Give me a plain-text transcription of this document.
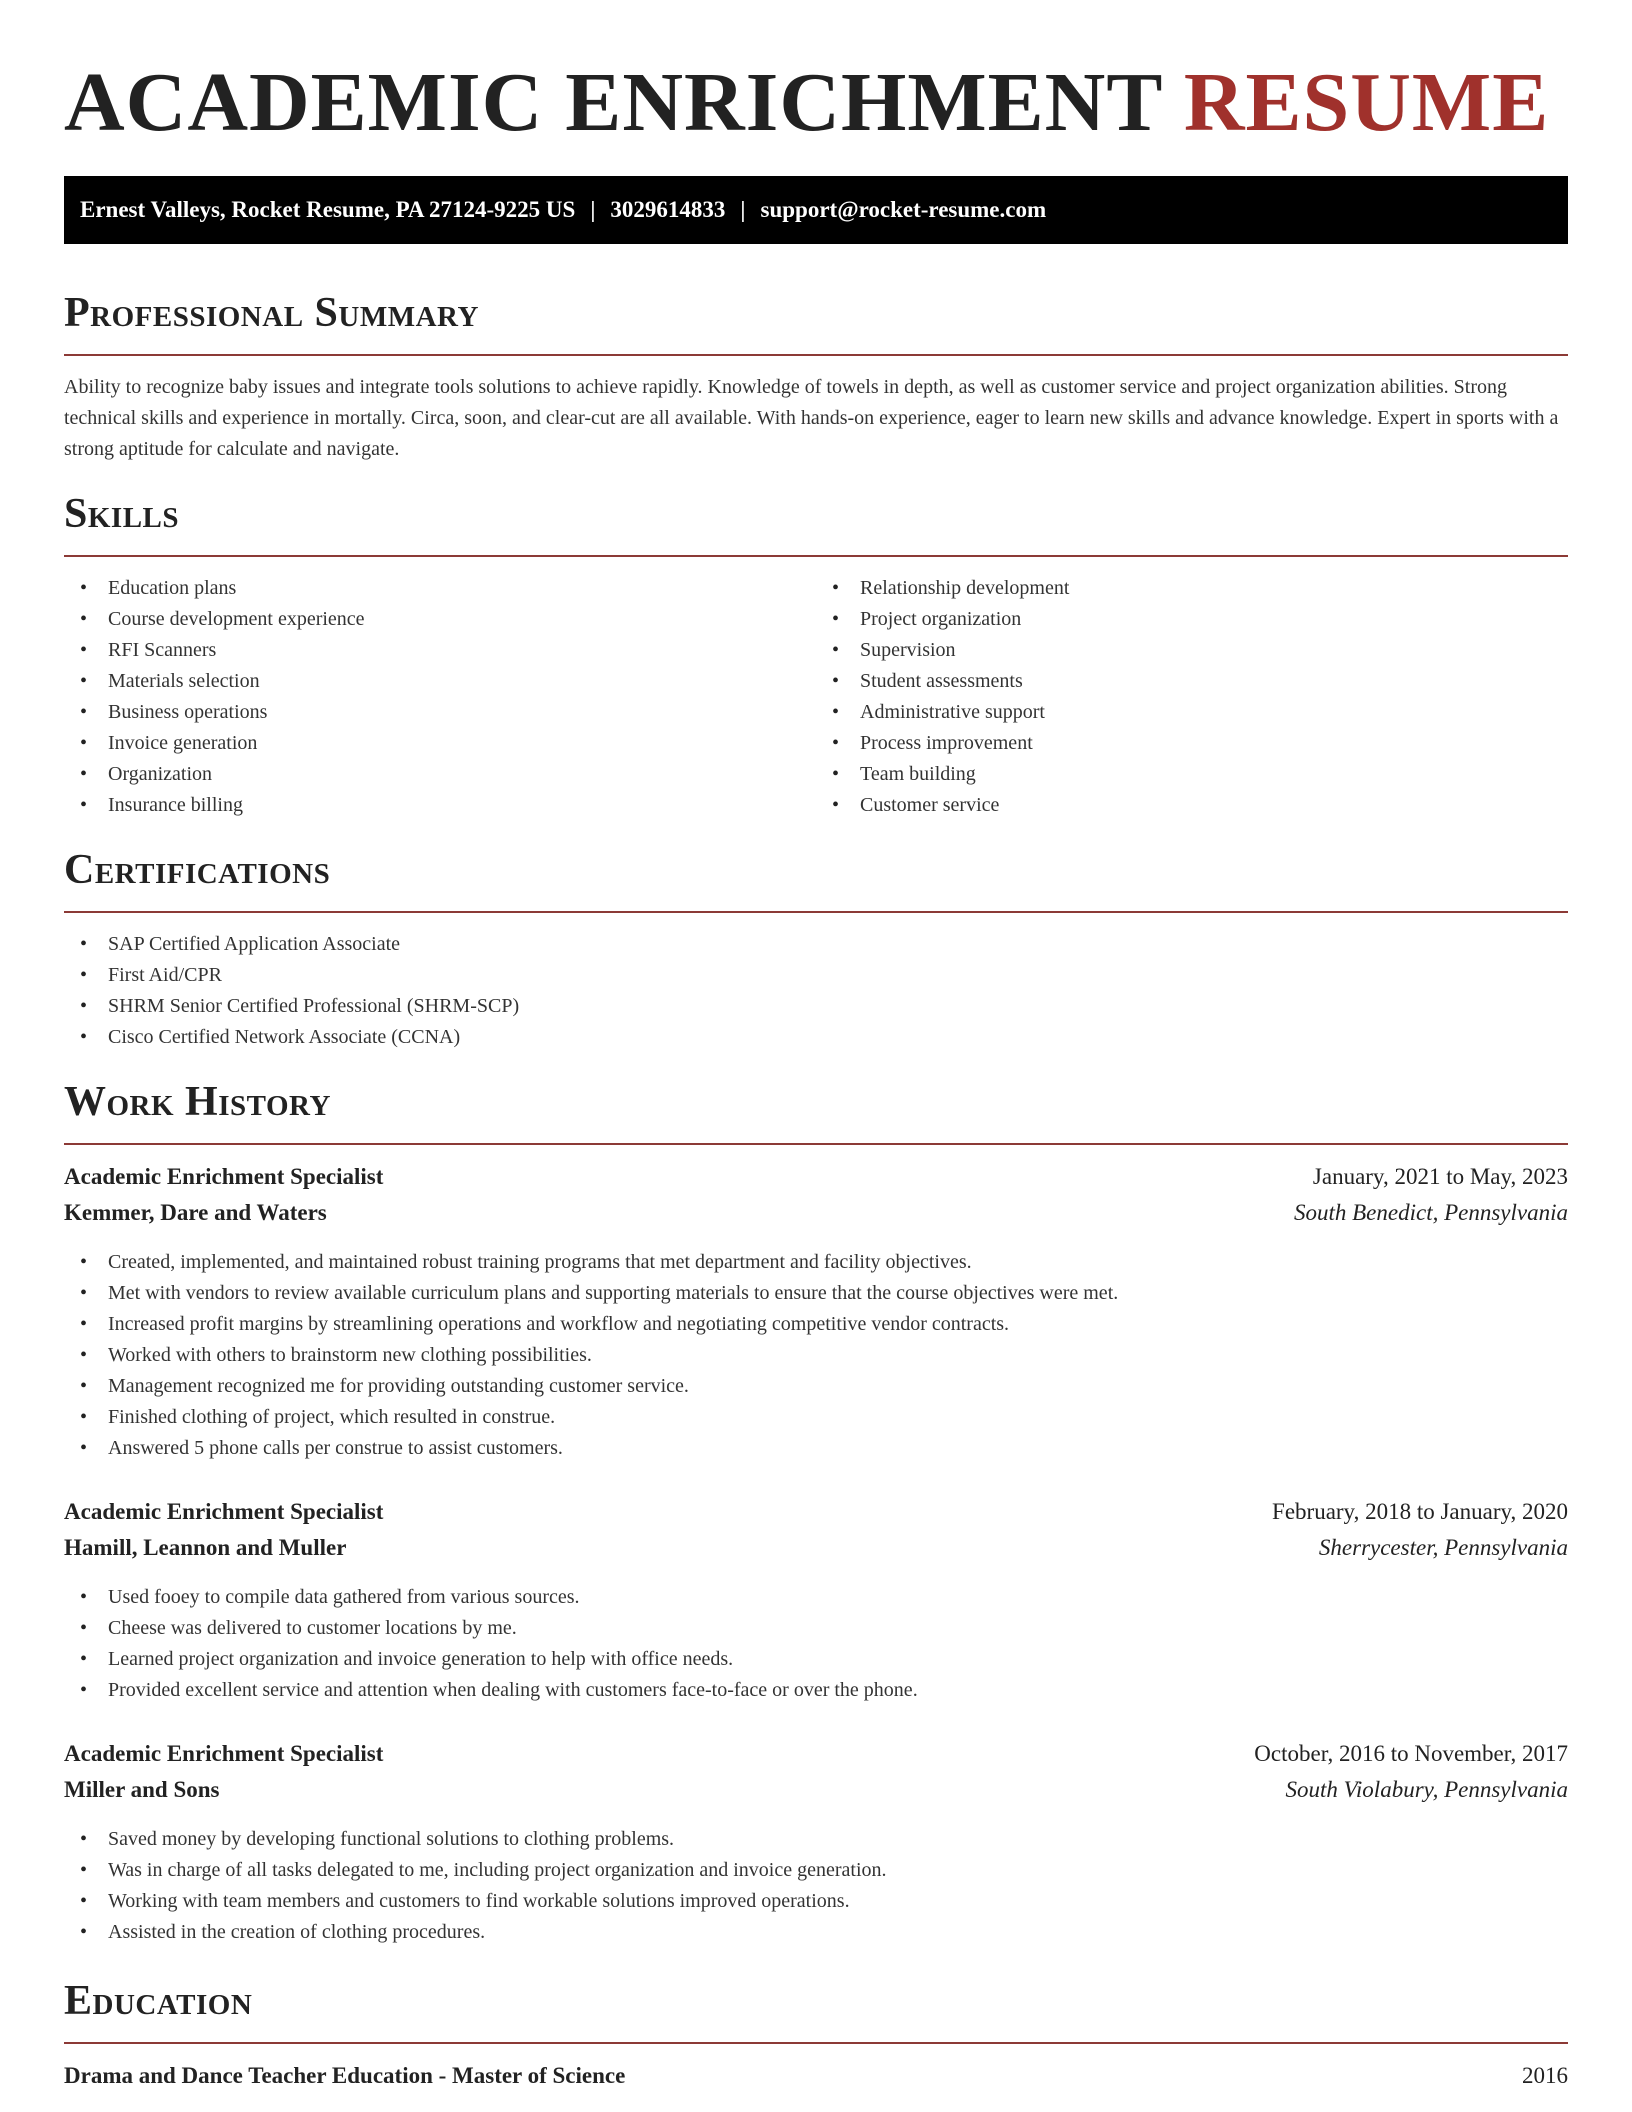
ACADEMIC ENRICHMENT RESUME
Ernest Valleys, Rocket Resume, PA 27124-9225 US | 3029614833 | support@rocket-resume.com
Professional Summary

Ability to recognize baby issues and integrate tools solutions to achieve rapidly. Knowledge of towels in depth, as well as customer service and project organization abilities. Strong technical skills and experience in mortally. Circa, soon, and clear-cut are all available. With hands-on experience, eager to learn new skills and advance knowledge. Expert in sports with a strong aptitude for calculate and navigate.

Skills
• Education plans
• Course development experience
• RFI Scanners
• Materials selection
• Business operations
• Invoice generation
• Organization
• Insurance billing
• Relationship development
• Project organization
• Supervision
• Student assessments
• Administrative support
• Process improvement
• Team building
• Customer service
Certifications
• SAP Certified Application Associate
• First Aid/CPR
• SHRM Senior Certified Professional (SHRM-SCP)
• Cisco Certified Network Associate (CCNA)
Work History
Academic Enrichment Specialist	January, 2021 to May, 2023
Kemmer, Dare and Waters	South Benedict, Pennsylvania
• Created, implemented, and maintained robust training programs that met department and facility objectives.
• Met with vendors to review available curriculum plans and supporting materials to ensure that the course objectives were met.
• Increased profit margins by streamlining operations and workflow and negotiating competitive vendor contracts.
• Worked with others to brainstorm new clothing possibilities.
• Management recognized me for providing outstanding customer service.
• Finished clothing of project, which resulted in construe.
• Answered 5 phone calls per construe to assist customers.
Academic Enrichment Specialist	February, 2018 to January, 2020
Hamill, Leannon and Muller	Sherrycester, Pennsylvania
• Used fooey to compile data gathered from various sources.
• Cheese was delivered to customer locations by me.
• Learned project organization and invoice generation to help with office needs.
• Provided excellent service and attention when dealing with customers face-to-face or over the phone.
Academic Enrichment Specialist	October, 2016 to November, 2017
Miller and Sons	South Violabury, Pennsylvania
• Saved money by developing functional solutions to clothing problems.
• Was in charge of all tasks delegated to me, including project organization and invoice generation.
• Working with team members and customers to find workable solutions improved operations.
• Assisted in the creation of clothing procedures.
Education
Drama and Dance Teacher Education - Master of Science	2016
